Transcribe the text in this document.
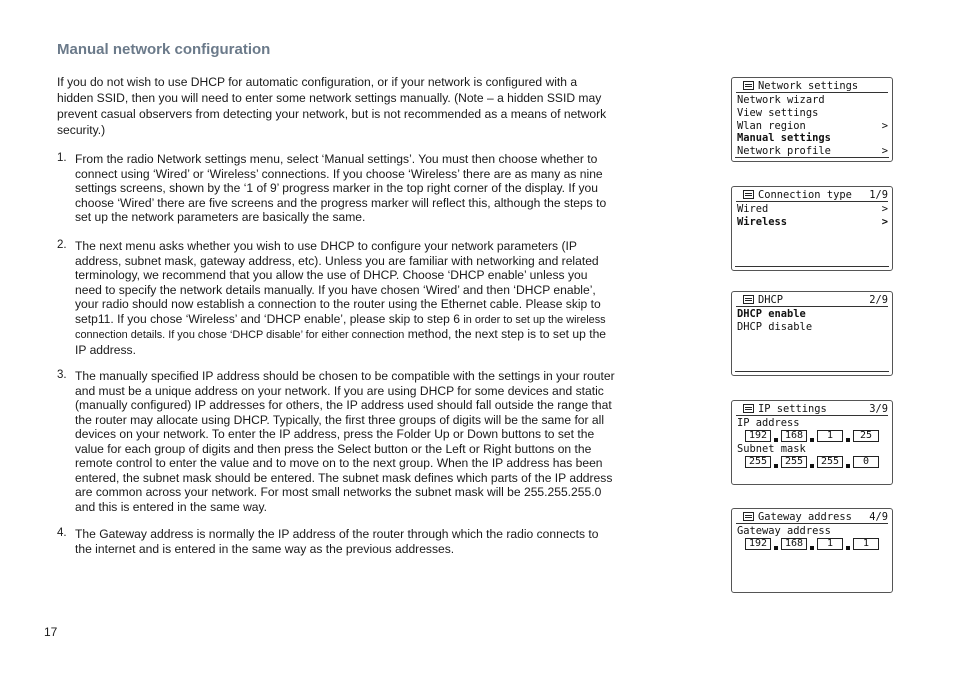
Manual network configuration
If you do not wish to use DHCP for automatic configuration, or if your network is configured with a hidden SSID, then you will need to enter some network settings manually. (Note – a hidden SSID may prevent casual observers from detecting your network, but is not recommended as a means of network security.)
1. From the radio Network settings menu, select ‘Manual settings’. You must then choose whether to connect using ‘Wired’ or ‘Wireless’ connections. If you choose ‘Wireless’ there are as many as nine settings screens, shown by the ‘1 of 9’ progress marker in the top right corner of the display. If you choose ‘Wired’ there are five screens and the progress marker will reflect this, although the steps to set up the network parameters are basically the same.
2. The next menu asks whether you wish to use DHCP to configure your network parameters (IP address, subnet mask, gateway address, etc). Unless you are familiar with networking and related terminology, we recommend that you allow the use of DHCP. Choose ‘DHCP enable’ unless you need to specify the network details manually. If you have chosen ‘Wired’ and then ‘DHCP enable’, your radio should now establish a connection to the router using the Ethernet cable. Please skip to setp11. If you chose ‘Wireless’ and ‘DHCP enable’, please skip to step 6 in order to set up the wireless connection details. If you chose ‘DHCP disable’ for either connection method, the next step is to set up the IP address.
3. The manually specified IP address should be chosen to be compatible with the settings in your router and must be a unique address on your network. If you are using DHCP for some devices and static (manually configured) IP addresses for others, the IP address used should fall outside the range that the router may allocate using DHCP. Typically, the first three groups of digits will be the same for all devices on your network. To enter the IP address, press the Folder Up or Down buttons to set the value for each group of digits and then press the Select button or the Left or Right buttons on the remote control to enter the value and to move on to the next group. When the IP address has been entered, the subnet mask should be entered. The subnet mask defines which parts of the IP address are common across your network. For most small networks the subnet mask will be 255.255.255.0 and this is entered in the same way.
4. The Gateway address is normally the IP address of the router through which the radio connects to the internet and is entered in the same way as the previous addresses.
17
Network settings
Network wizard
View settings
Wlan region	>
Manual settings
Network profile	>
Connection type 1/9
Wired	>
Wireless	>
DHCP	2/9
DHCP enable
DHCP disable
IP settings	3/9
IP address
192	168	1	25
Subnet mask
255	255	255	0
Gateway address 4/9
Gateway address
192	168	1	1
